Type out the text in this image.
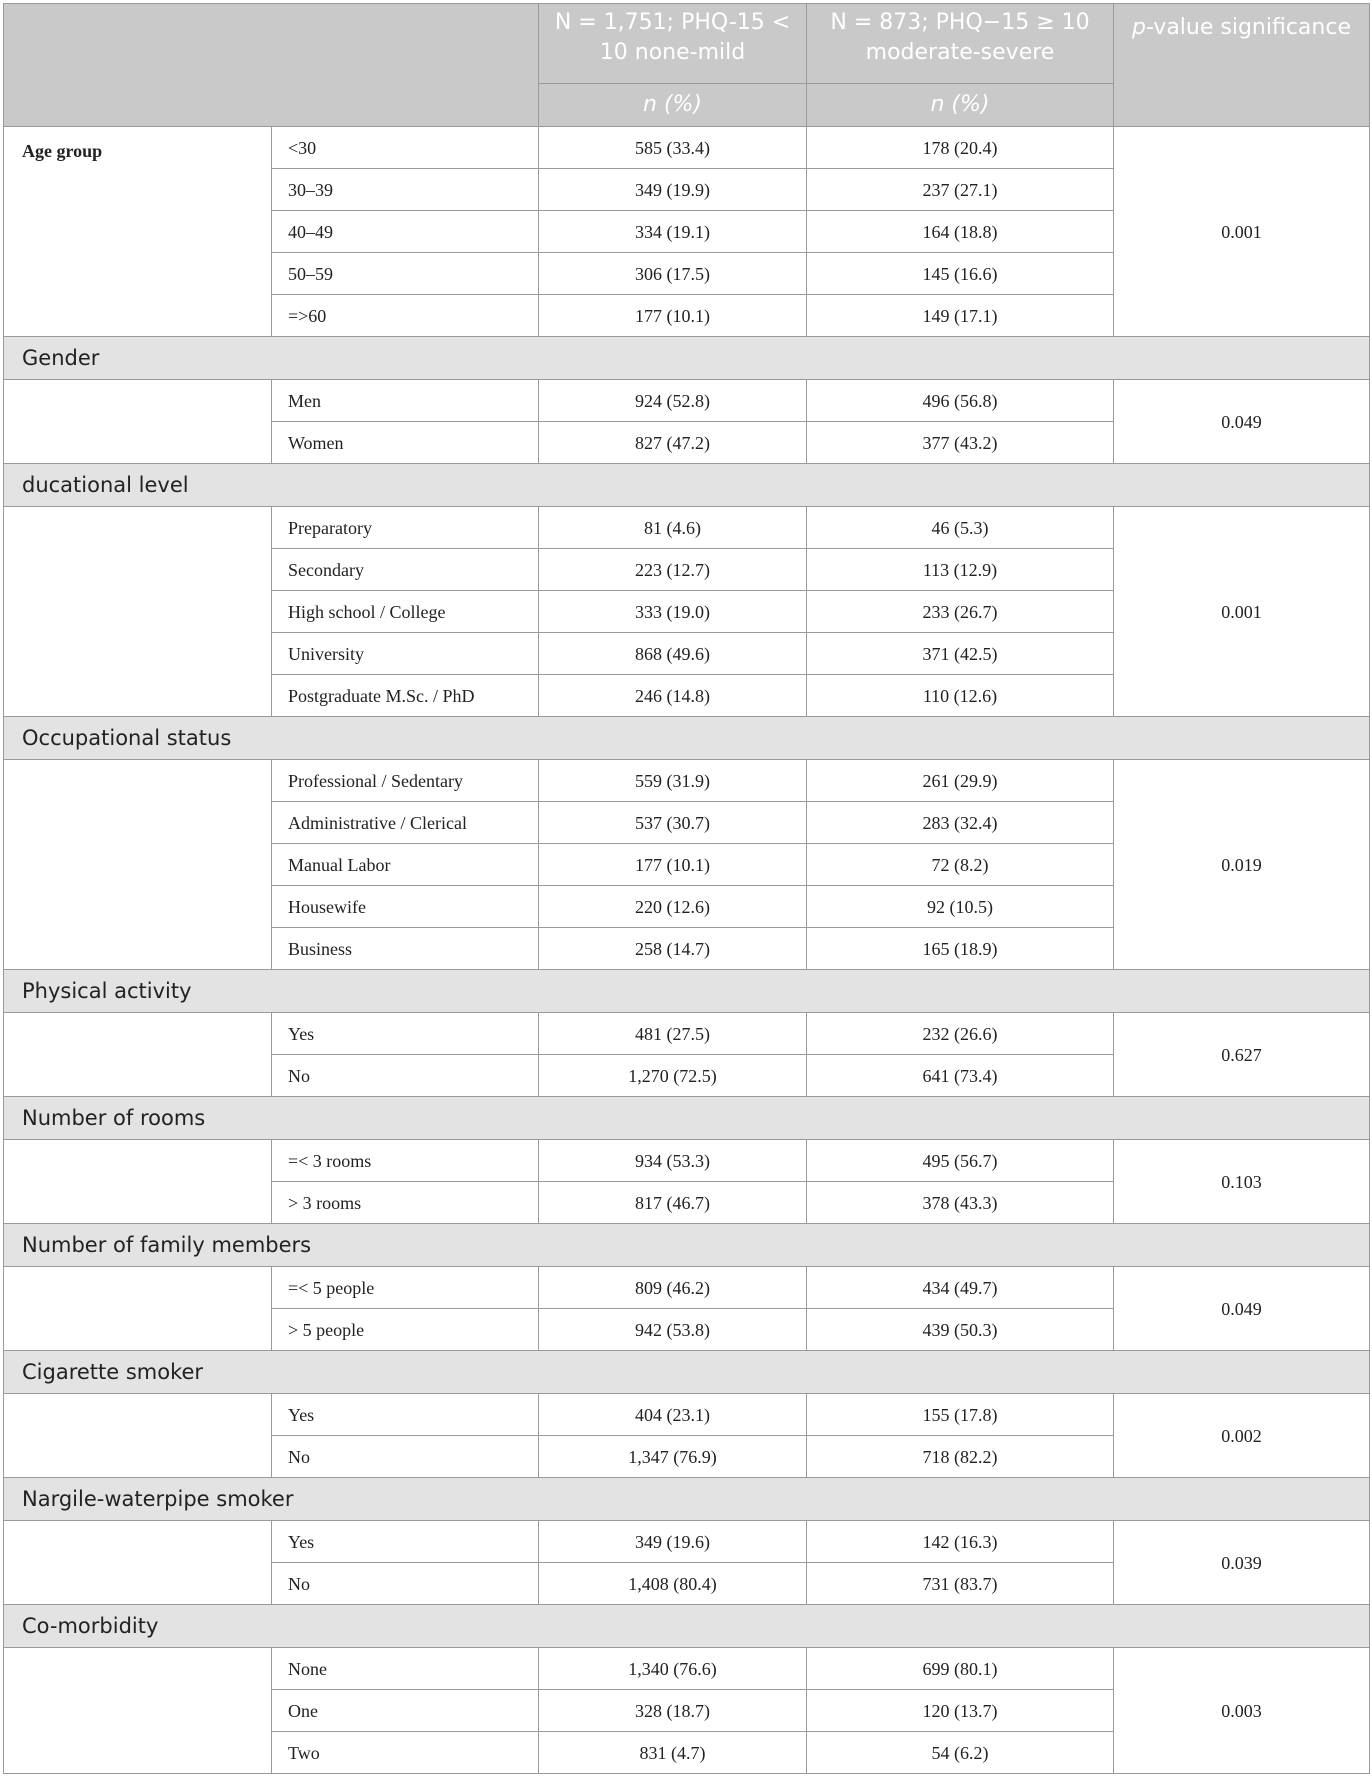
		N = 1,751; PHQ-15 < 10 none-mild	N = 873; PHQ−15 ≥ 10 moderate-severe	p-value significance
		n (%)	n (%)	
Age group	<30	585 (33.4)	178 (20.4)	0.001
	30–39	349 (19.9)	237 (27.1)	
	40–49	334 (19.1)	164 (18.8)	
	50–59	306 (17.5)	145 (16.6)	
	=>60	177 (10.1)	149 (17.1)	
Gender				
	Men	924 (52.8)	496 (56.8)	0.049
	Women	827 (47.2)	377 (43.2)	
ducational level				
	Preparatory	81 (4.6)	46 (5.3)	0.001
	Secondary	223 (12.7)	113 (12.9)	
	High school / College	333 (19.0)	233 (26.7)	
	University	868 (49.6)	371 (42.5)	
	Postgraduate M.Sc. / PhD	246 (14.8)	110 (12.6)	
Occupational status				
	Professional / Sedentary	559 (31.9)	261 (29.9)	0.019
	Administrative / Clerical	537 (30.7)	283 (32.4)	
	Manual Labor	177 (10.1)	72 (8.2)	
	Housewife	220 (12.6)	92 (10.5)	
	Business	258 (14.7)	165 (18.9)	
Physical activity				
	Yes	481 (27.5)	232 (26.6)	0.627
	No	1,270 (72.5)	641 (73.4)	
Number of rooms				
	=< 3 rooms	934 (53.3)	495 (56.7)	0.103
	> 3 rooms	817 (46.7)	378 (43.3)	
Number of family members				
	=< 5 people	809 (46.2)	434 (49.7)	0.049
	> 5 people	942 (53.8)	439 (50.3)	
Cigarette smoker				
	Yes	404 (23.1)	155 (17.8)	0.002
	No	1,347 (76.9)	718 (82.2)	
Nargile-waterpipe smoker				
	Yes	349 (19.6)	142 (16.3)	0.039
	No	1,408 (80.4)	731 (83.7)	
Co-morbidity				
	None	1,340 (76.6)	699 (80.1)	0.003
	One	328 (18.7)	120 (13.7)	
	Two	831 (4.7)	54 (6.2)	
